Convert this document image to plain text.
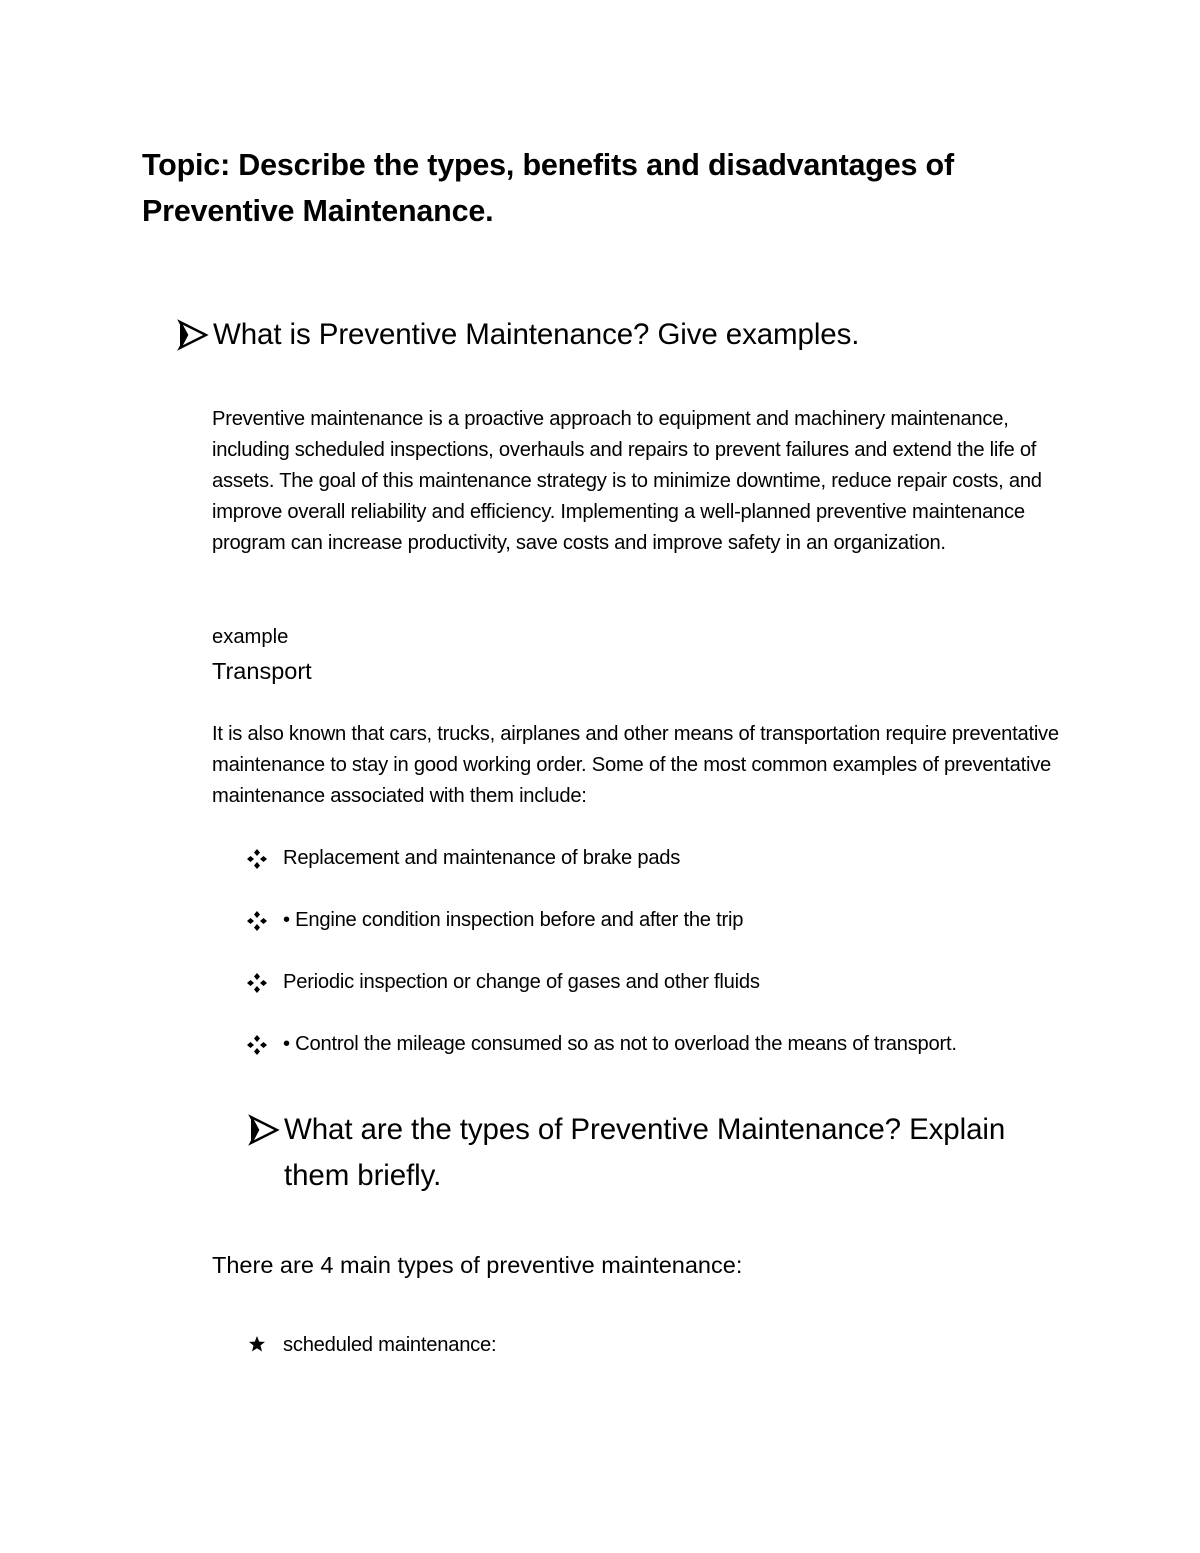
Topic: Describe the types, benefits and disadvantages of Preventive Maintenance.
What is Preventive Maintenance? Give examples.
Preventive maintenance is a proactive approach to equipment and machinery maintenance, including scheduled inspections, overhauls and repairs to prevent failures and extend the life of assets. The goal of this maintenance strategy is to minimize downtime, reduce repair costs, and improve overall reliability and efficiency. Implementing a well-planned preventive maintenance program can increase productivity, save costs and improve safety in an organization.
example
Transport
It is also known that cars, trucks, airplanes and other means of transportation require preventative maintenance to stay in good working order. Some of the most common examples of preventative maintenance associated with them include:
Replacement and maintenance of brake pads
• Engine condition inspection before and after the trip
Periodic inspection or change of gases and other fluids
• Control the mileage consumed so as not to overload the means of transport.
What are the types of Preventive Maintenance? Explain them briefly.
There are 4 main types of preventive maintenance:
scheduled maintenance:
